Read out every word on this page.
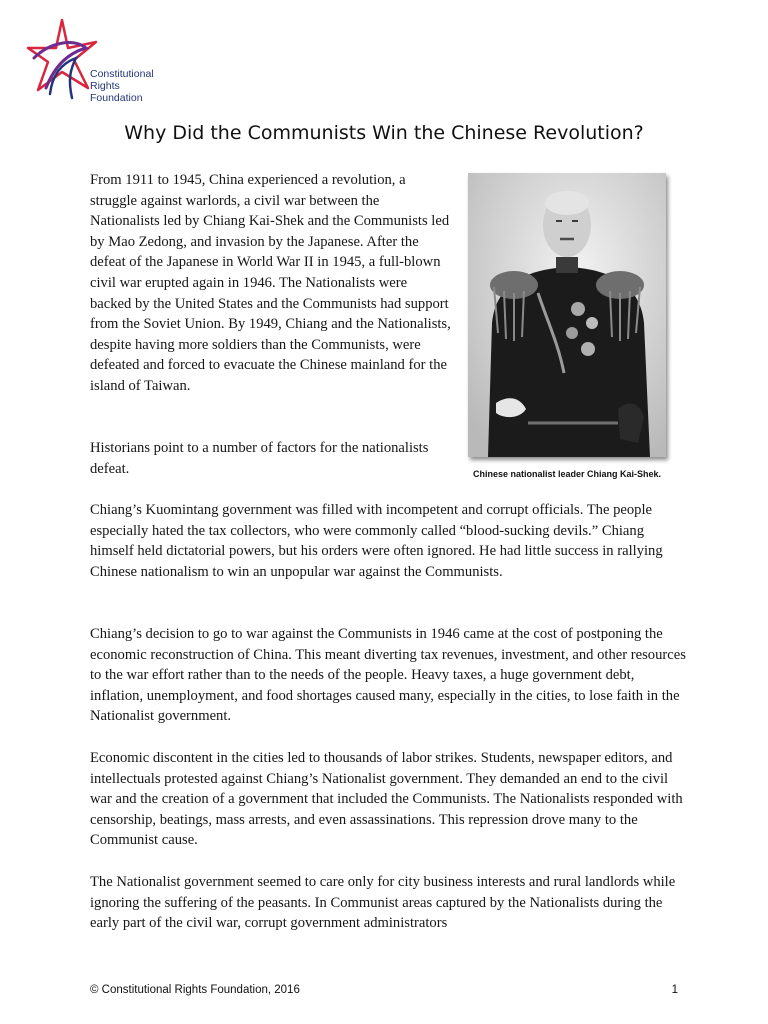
Constitutional
Rights
Foundation

Why Did the Communists Win the Chinese Revolution?

From 1911 to 1945, China experienced a revolution, a struggle against warlords, a civil war between the Nationalists led by Chiang Kai-Shek and the Communists led by Mao Zedong, and invasion by the Japanese. After the defeat of the Japanese in World War II in 1945, a full-blown civil war erupted again in 1946. The Nationalists were backed by the United States and the Communists had support from the Soviet Union. By 1949, Chiang and the Nationalists, despite having more soldiers than the Communists, were defeated and forced to evacuate the Chinese mainland for the island of Taiwan.

Historians point to a number of factors for the nationalists defeat.	Chinese nationalist leader Chiang Kai-Shek.

Chiang’s Kuomintang government was filled with incompetent and corrupt officials. The people especially hated the tax collectors, who were commonly called “blood-sucking devils.” Chiang himself held dictatorial powers, but his orders were often ignored. He had little success in rallying Chinese nationalism to win an unpopular war against the Communists.

Chiang’s decision to go to war against the Communists in 1946 came at the cost of postponing the economic reconstruction of China. This meant diverting tax revenues, investment, and other resources to the war effort rather than to the needs of the people. Heavy taxes, a huge government debt, inflation, unemployment, and food shortages caused many, especially in the cities, to lose faith in the Nationalist government.

Economic discontent in the cities led to thousands of labor strikes. Students, newspaper editors, and intellectuals protested against Chiang’s Nationalist government. They demanded an end to the civil war and the creation of a government that included the Communists. The Nationalists responded with censorship, beatings, mass arrests, and even assassinations. This repression drove many to the Communist cause.

The Nationalist government seemed to care only for city business interests and rural landlords while ignoring the suffering of the peasants. In Communist areas captured by the Nationalists during the early part of the civil war, corrupt government administrators

© Constitutional Rights Foundation, 2016	1
